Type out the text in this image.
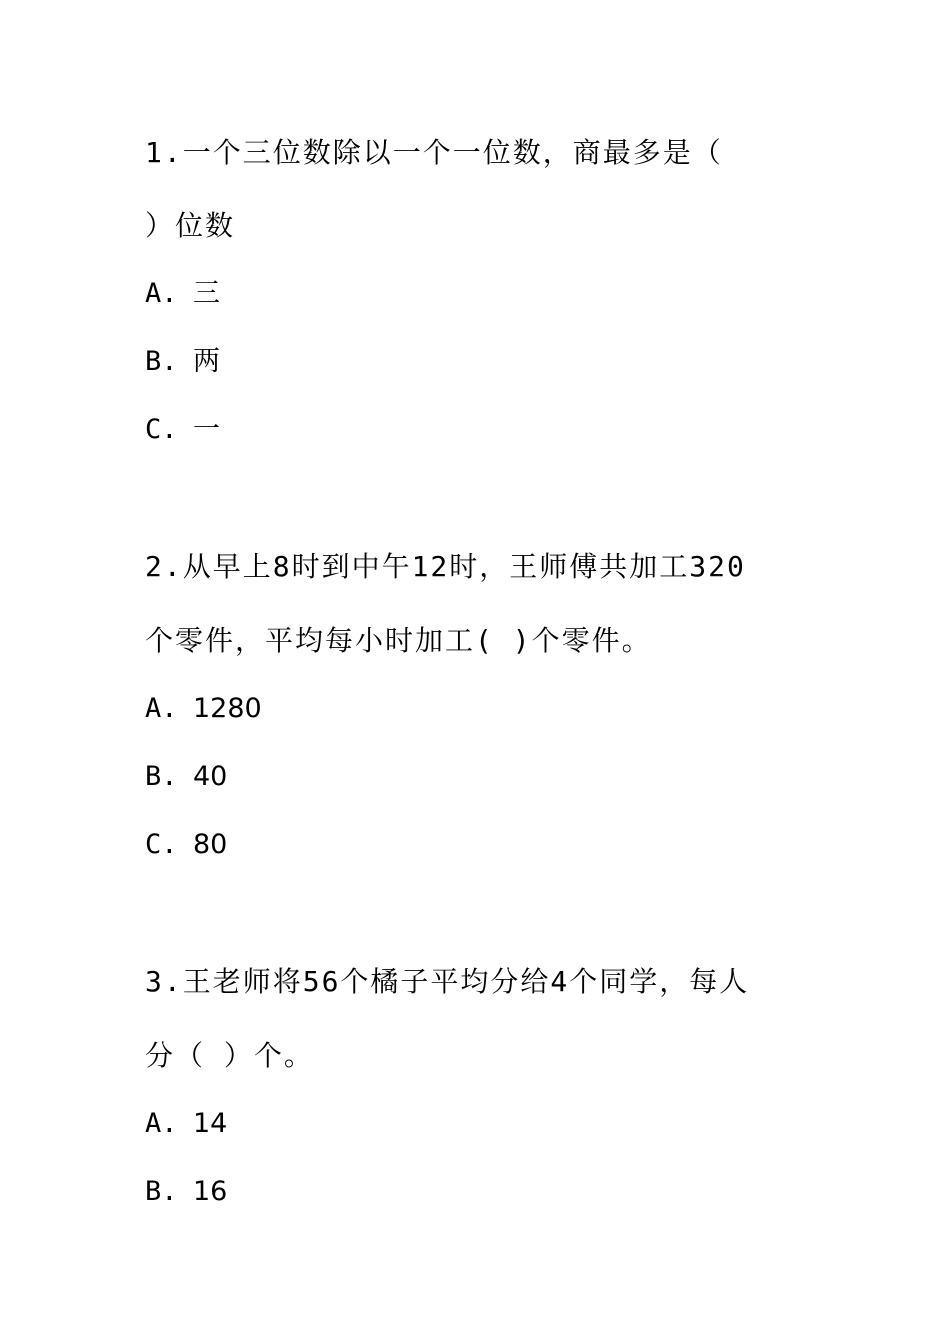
1.一个三位数除以一个一位数，商最多是（
）位数
A. 三
B. 两
C. 一
2.从早上8时到中午12时，王师傅共加工320
个零件，平均每小时加工( )个零件。
A. 1280
B. 40
C. 80
3.王老师将56个橘子平均分给4个同学，每人
分（ ）个。
A. 14
B. 16
